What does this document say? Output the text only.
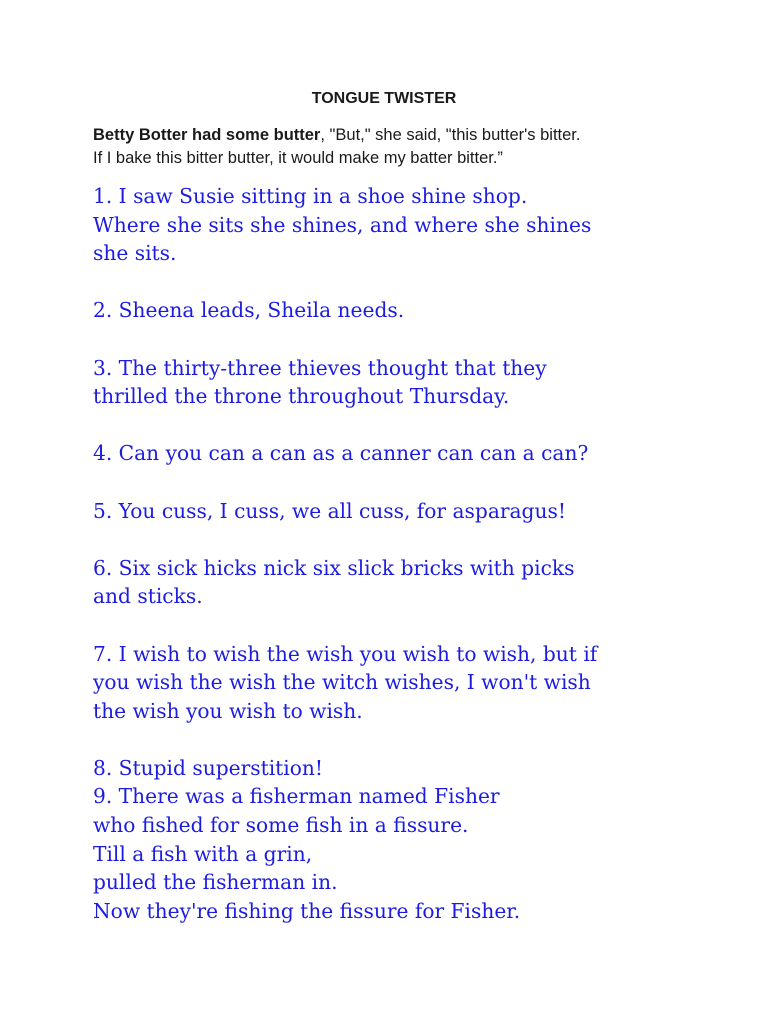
TONGUE TWISTER
Betty Botter had some butter, "But," she said, "this butter's bitter.
If I bake this bitter butter, it would make my batter bitter.”
1. I saw Susie sitting in a shoe shine shop.
Where she sits she shines, and where she shines
she sits.
2. Sheena leads, Sheila needs.
3. The thirty-three thieves thought that they
thrilled the throne throughout Thursday.
4. Can you can a can as a canner can can a can?
5. You cuss, I cuss, we all cuss, for asparagus!
6. Six sick hicks nick six slick bricks with picks
and sticks.
7. I wish to wish the wish you wish to wish, but if
you wish the wish the witch wishes, I won't wish
the wish you wish to wish.
8. Stupid superstition!
9. There was a fisherman named Fisher
who fished for some fish in a fissure.
Till a fish with a grin,
pulled the fisherman in.
Now they're fishing the fissure for Fisher.
